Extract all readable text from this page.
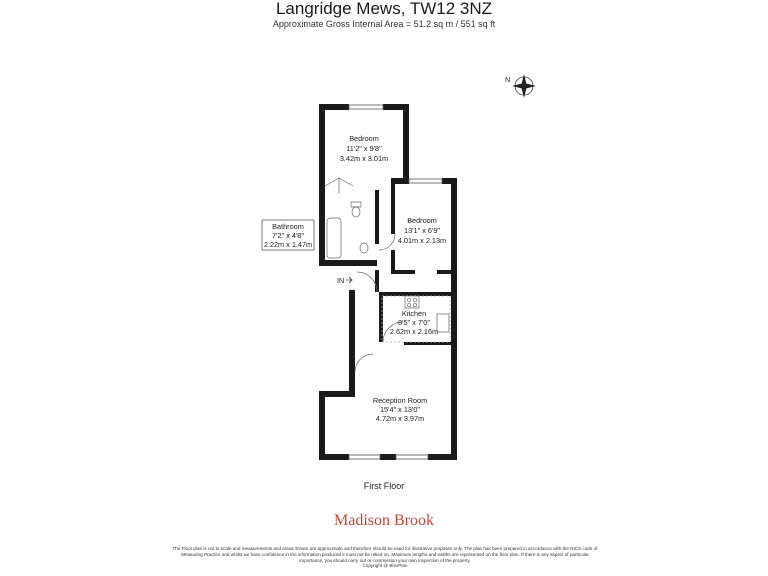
Langridge Mews, TW12 3NZ
Approximate Gross Internal Area = 51.2 sq m / 551 sq ft
N
Bedroom
11'2" x 9'8"
3.42m x 3.01m
Bedroom
13'1" x 6'9"
4.01m x 2.13m
Bathroom
7'2" x 4'8"
2.22m x 1.47m
Kitchen
8'5" x 7'0"
2.62m x 2.16m
Reception Room
15'4" x 13'0"
4.72m x 3.97m
IN
First Floor
Madison Brook
The Floor plan is not to scale and measurements and areas shown are approximate and therefore should be used for illustrative purposes only. The plan has been prepared in accordance with the RICS code of Measuring Practice and whilst we have confidence in the information produced it must not be relied on. Maximum lengths and widths are represented on the floor plan. If there is any aspect of particular importance, you should carry out or commission your own inspection of the property.
Copyright @ BlexPlan
